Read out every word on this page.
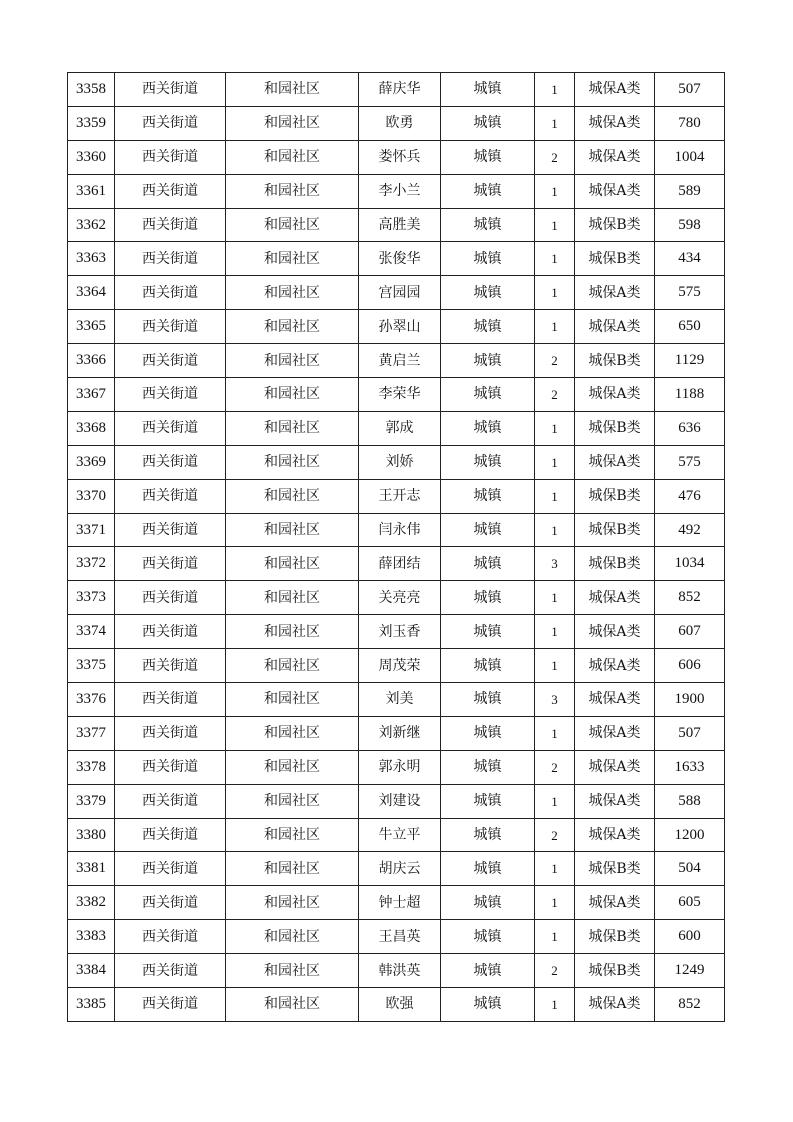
3358	西关街道	和园社区	薛庆华	城镇	1	城保A类	507
3359	西关街道	和园社区	欧勇	城镇	1	城保A类	780
3360	西关街道	和园社区	娄怀兵	城镇	2	城保A类	1004
3361	西关街道	和园社区	李小兰	城镇	1	城保A类	589
3362	西关街道	和园社区	高胜美	城镇	1	城保B类	598
3363	西关街道	和园社区	张俊华	城镇	1	城保B类	434
3364	西关街道	和园社区	宫园园	城镇	1	城保A类	575
3365	西关街道	和园社区	孙翠山	城镇	1	城保A类	650
3366	西关街道	和园社区	黄启兰	城镇	2	城保B类	1129
3367	西关街道	和园社区	李荣华	城镇	2	城保A类	1188
3368	西关街道	和园社区	郭成	城镇	1	城保B类	636
3369	西关街道	和园社区	刘娇	城镇	1	城保A类	575
3370	西关街道	和园社区	王开志	城镇	1	城保B类	476
3371	西关街道	和园社区	闫永伟	城镇	1	城保B类	492
3372	西关街道	和园社区	薛团结	城镇	3	城保B类	1034
3373	西关街道	和园社区	关亮亮	城镇	1	城保A类	852
3374	西关街道	和园社区	刘玉香	城镇	1	城保A类	607
3375	西关街道	和园社区	周茂荣	城镇	1	城保A类	606
3376	西关街道	和园社区	刘美	城镇	3	城保A类	1900
3377	西关街道	和园社区	刘新继	城镇	1	城保A类	507
3378	西关街道	和园社区	郭永明	城镇	2	城保A类	1633
3379	西关街道	和园社区	刘建设	城镇	1	城保A类	588
3380	西关街道	和园社区	牛立平	城镇	2	城保A类	1200
3381	西关街道	和园社区	胡庆云	城镇	1	城保B类	504
3382	西关街道	和园社区	钟士超	城镇	1	城保A类	605
3383	西关街道	和园社区	王昌英	城镇	1	城保B类	600
3384	西关街道	和园社区	韩洪英	城镇	2	城保B类	1249
3385	西关街道	和园社区	欧强	城镇	1	城保A类	852
